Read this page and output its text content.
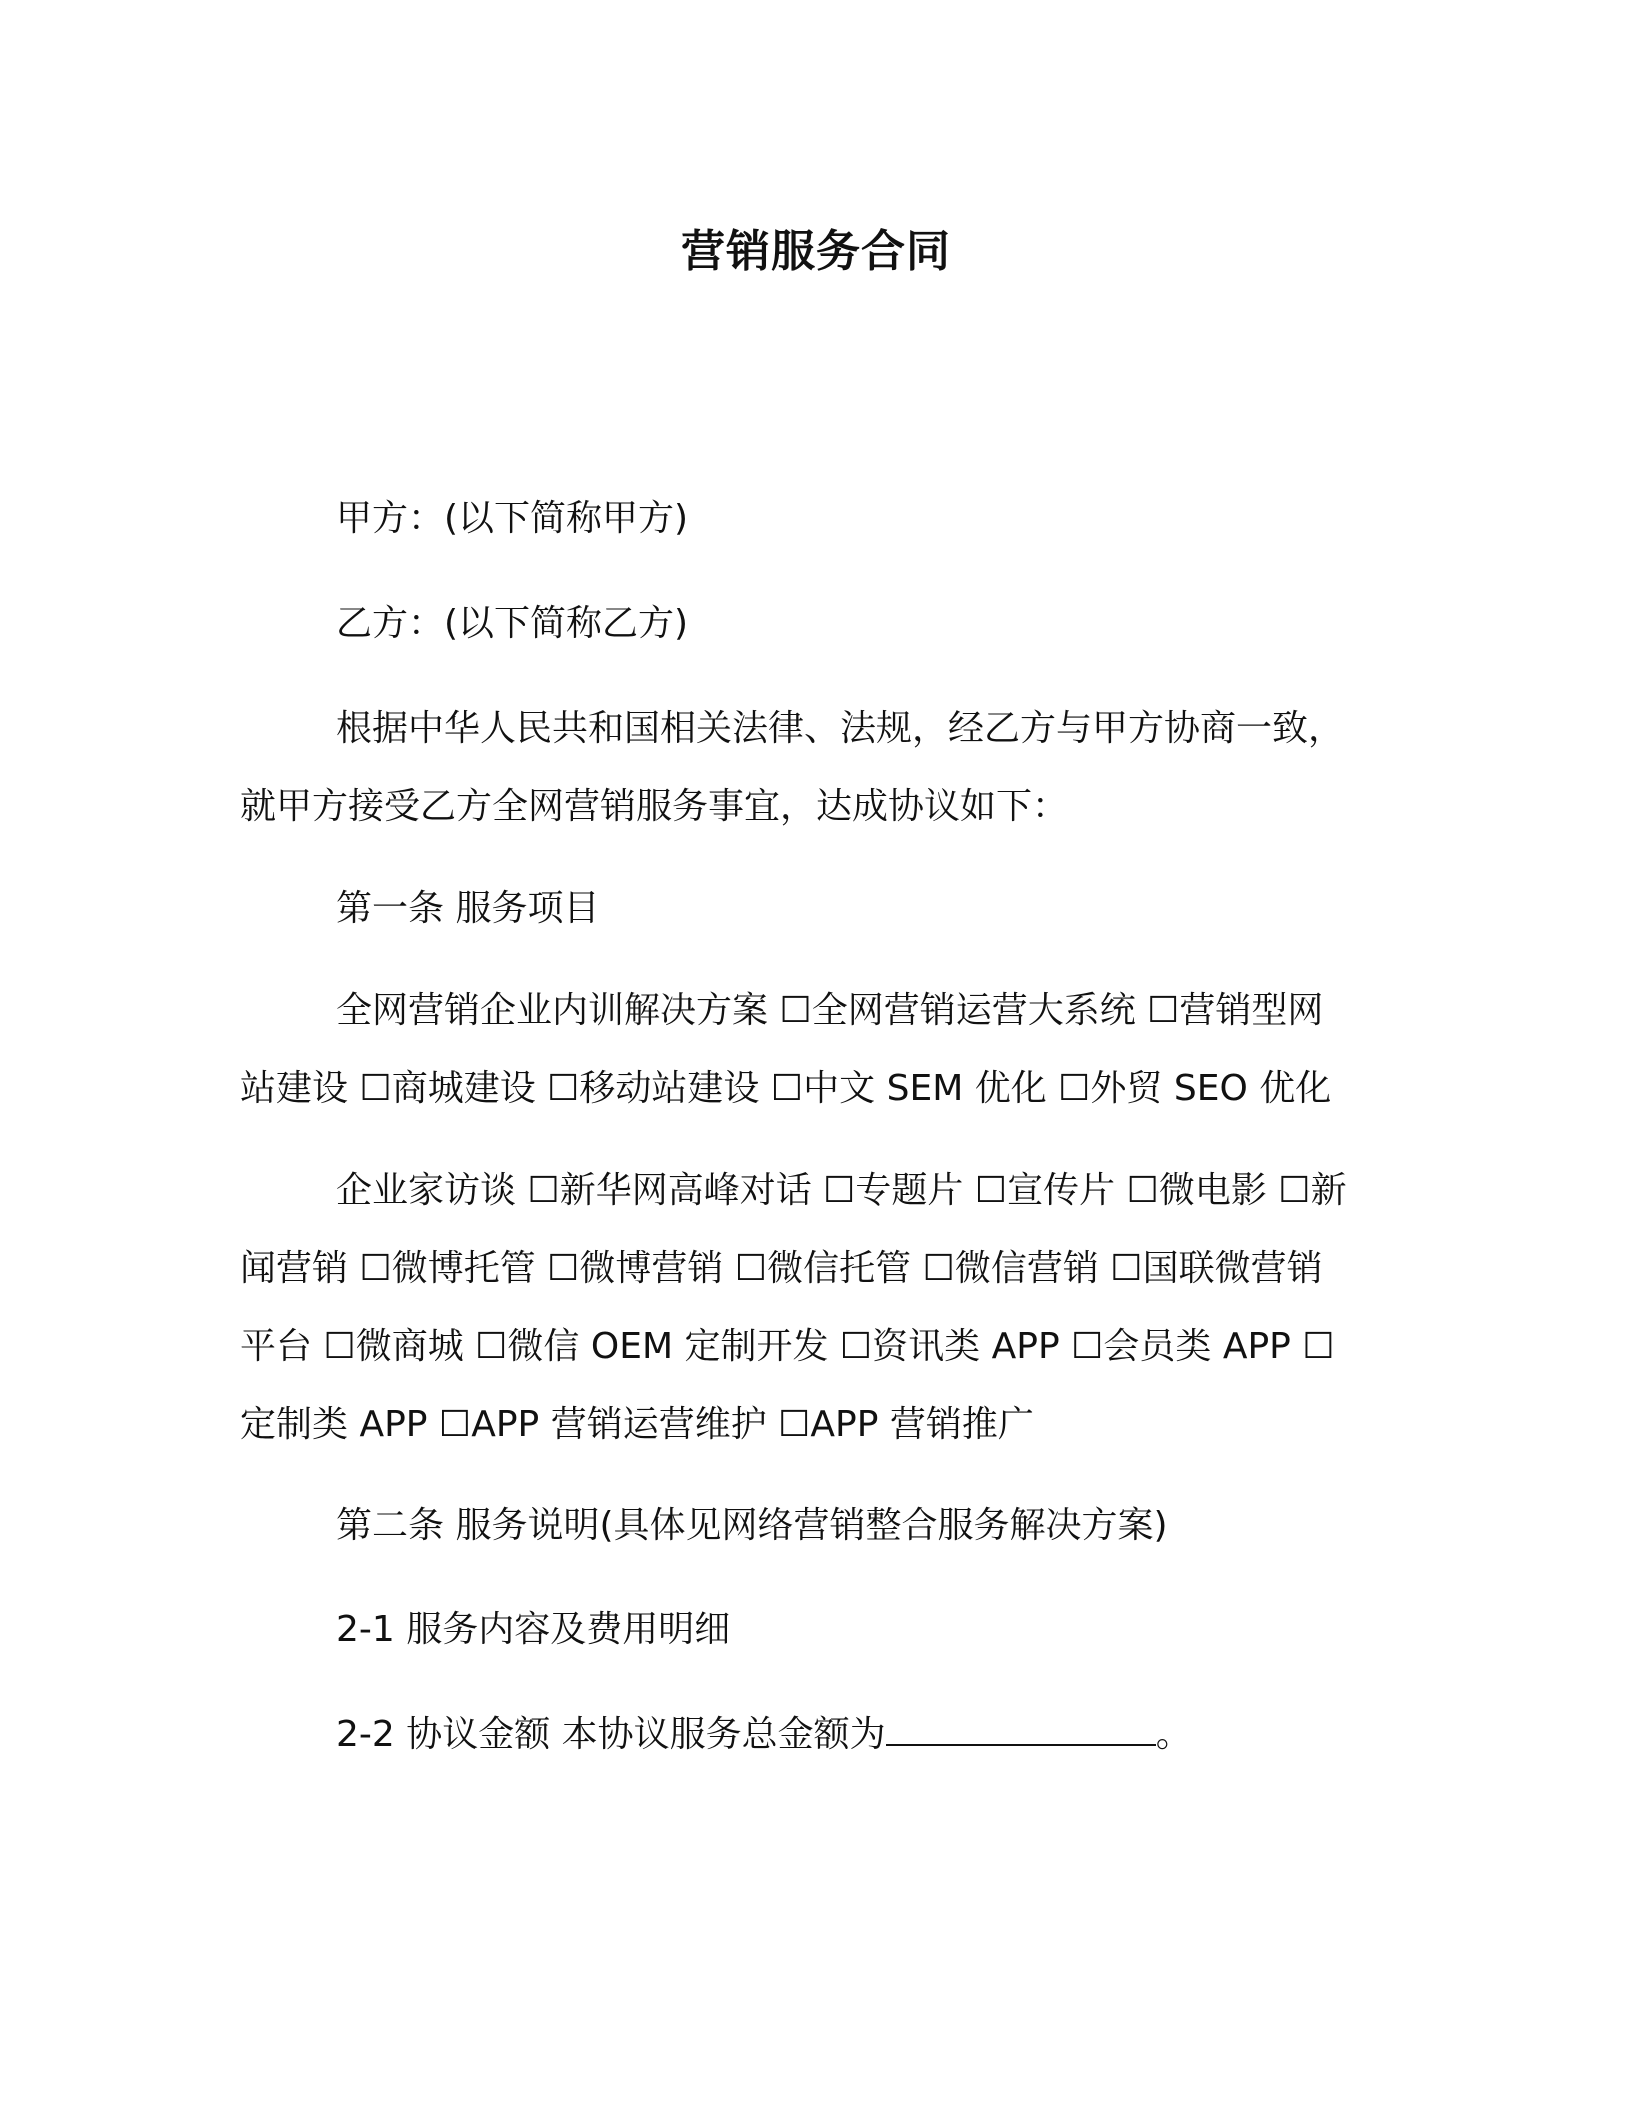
营销服务合同
甲方：(以下简称甲方)
乙方：(以下简称乙方)
根据中华人民共和国相关法律、法规，经乙方与甲方协商一致，
就甲方接受乙方全网营销服务事宜，达成协议如下：
第一条 服务项目
全网营销企业内训解决方案 ☐全网营销运营大系统 ☐营销型网
站建设 ☐商城建设 ☐移动站建设 ☐中文 SEM 优化 ☐外贸 SEO 优化
企业家访谈 ☐新华网高峰对话 ☐专题片 ☐宣传片 ☐微电影 ☐新
闻营销 ☐微博托管 ☐微博营销 ☐微信托管 ☐微信营销 ☐国联微营销
平台 ☐微商城 ☐微信 OEM 定制开发 ☐资讯类 APP ☐会员类 APP ☐
定制类 APP ☐APP 营销运营维护 ☐APP 营销推广
第二条 服务说明(具体见网络营销整合服务解决方案)
2-1 服务内容及费用明细
2-2 协议金额 本协议服务总金额为	。
